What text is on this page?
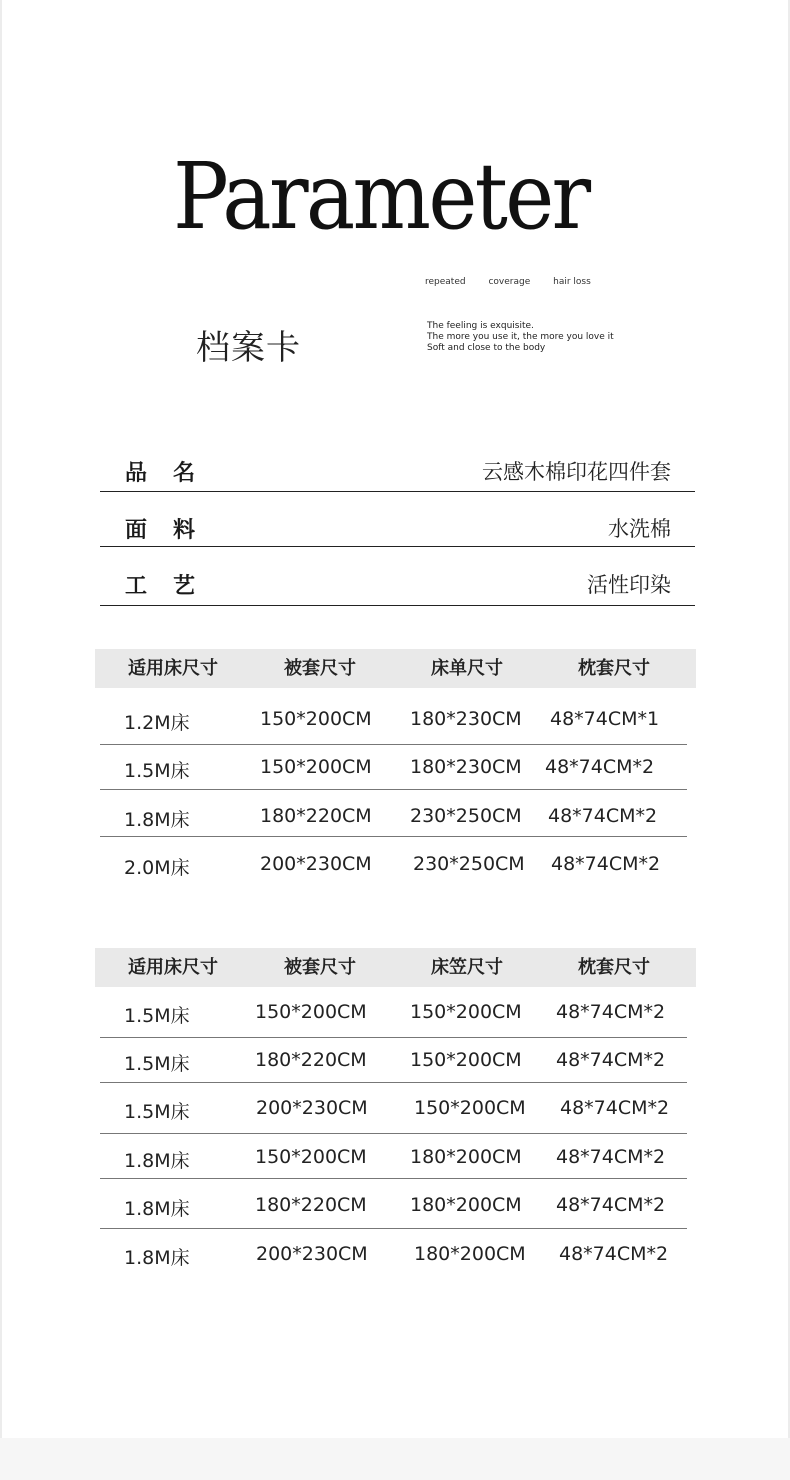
Parameter
repeated	coverage	hair loss
档案卡
The feeling is exquisite.
The more you use it, the more you love it
Soft and close to the body
品名	云感木棉印花四件套
面料	水洗棉
工艺	活性印染
适用床尺寸	被套尺寸	床单尺寸	枕套尺寸
1.2M床	150*200CM 180*230CM 48*74CM*1
1.5M床	150*200CM 180*230CM 48*74CM*2
1.8M床	180*220CM 230*250CM 48*74CM*2
2.0M床	200*230CM 230*250CM 48*74CM*2
适用床尺寸	被套尺寸	床笠尺寸	枕套尺寸
1.5M床	150*200CM 150*200CM 48*74CM*2
1.5M床	180*220CM 150*200CM 48*74CM*2
1.5M床	200*230CM 150*200CM 48*74CM*2
1.8M床	150*200CM 180*200CM 48*74CM*2
1.8M床	180*220CM 180*200CM 48*74CM*2
1.8M床	200*230CM 180*200CM 48*74CM*2
